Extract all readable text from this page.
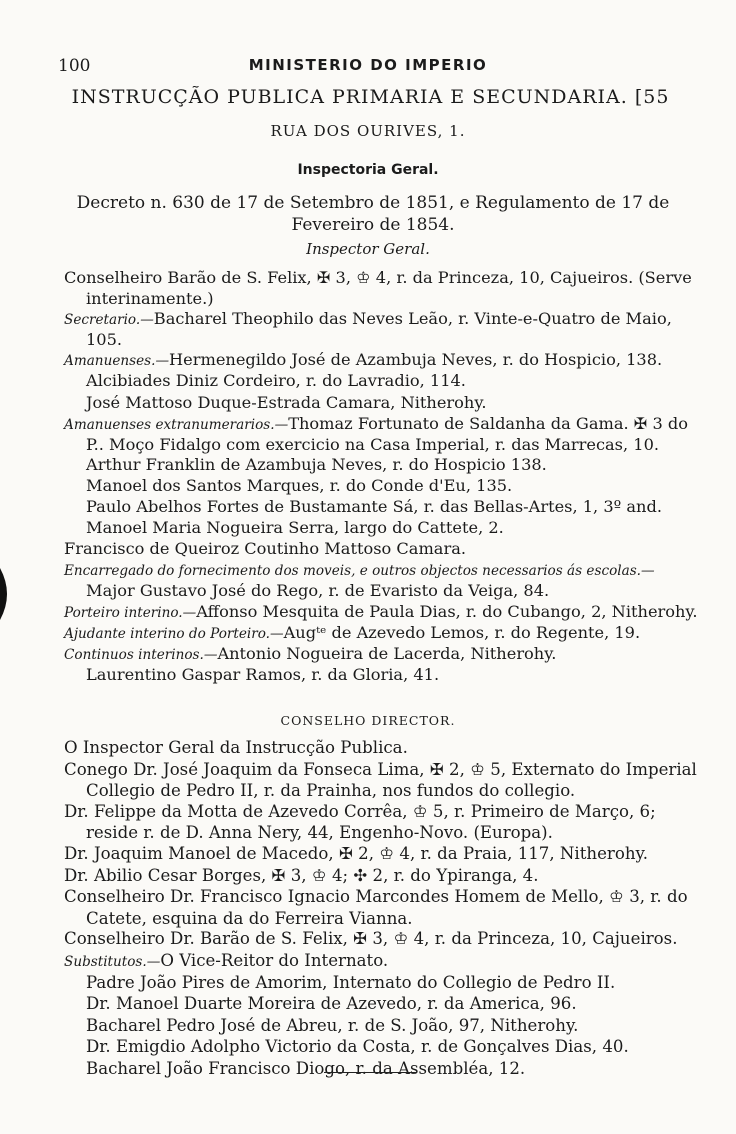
100	MINISTERIO DO IMPERIO
INSTRUCÇÃO PUBLICA PRIMARIA E SECUNDARIA. [55
RUA DOS OURIVES, 1.
Inspectoria Geral.
Decreto n. 630 de 17 de Setembro de 1851, e Regulamento de 17 de Fevereiro de 1854.
Inspector Geral.

Conselheiro Barão de S. Felix, ✠ 3, ♔ 4, r. da Princeza, 10, Cajueiros. (Serve interinamente.)

Secretario.—Bacharel Theophilo das Neves Leão, r. Vinte-e-Quatro de Maio, 105.

Amanuenses.—Hermenegildo José de Azambuja Neves, r. do Hospicio, 138.

Alcibiades Diniz Cordeiro, r. do Lavradio, 114.

José Mattoso Duque-Estrada Camara, Nitherohy.

Amanuenses extranumerarios.—Thomaz Fortunato de Saldanha da Gama. ✠ 3 do P.. Moço Fidalgo com exercicio na Casa Imperial, r. das Marrecas, 10.

Arthur Franklin de Azambuja Neves, r. do Hospicio 138.

Manoel dos Santos Marques, r. do Conde d'Eu, 135.

Paulo Abelhos Fortes de Bustamante Sá, r. das Bellas-Artes, 1, 3º and.

Manoel Maria Nogueira Serra, largo do Cattete, 2.

Francisco de Queiroz Coutinho Mattoso Camara.

Encarregado do fornecimento dos moveis, e outros objectos necessarios ás escolas.—Major Gustavo José do Rego, r. de Evaristo da Veiga, 84.

Porteiro interino.—Affonso Mesquita de Paula Dias, r. do Cubango, 2, Nitherohy.

Ajudante interino do Porteiro.—Augᵗᵉ de Azevedo Lemos, r. do Regente, 19.

Continuos interinos.—Antonio Nogueira de Lacerda, Nitherohy.

Laurentino Gaspar Ramos, r. da Gloria, 41.

CONSELHO DIRECTOR.

O Inspector Geral da Instrucção Publica.

Conego Dr. José Joaquim da Fonseca Lima, ✠ 2, ♔ 5, Externato do Imperial Collegio de Pedro II, r. da Prainha, nos fundos do collegio.

Dr. Felippe da Motta de Azevedo Corrêa, ♔ 5, r. Primeiro de Março, 6; reside r. de D. Anna Nery, 44, Engenho-Novo. (Europa).

Dr. Joaquim Manoel de Macedo, ✠ 2, ♔ 4, r. da Praia, 117, Nitherohy.

Dr. Abilio Cesar Borges, ✠ 3, ♔ 4; ✣ 2, r. do Ypiranga, 4.

Conselheiro Dr. Francisco Ignacio Marcondes Homem de Mello, ♔ 3, r. do Catete, esquina da do Ferreira Vianna.

Conselheiro Dr. Barão de S. Felix, ✠ 3, ♔ 4, r. da Princeza, 10, Cajueiros.

Substitutos.—O Vice-Reitor do Internato.

Padre João Pires de Amorim, Internato do Collegio de Pedro II.

Dr. Manoel Duarte Moreira de Azevedo, r. da America, 96.

Bacharel Pedro José de Abreu, r. de S. João, 97, Nitherohy.

Dr. Emigdio Adolpho Victorio da Costa, r. de Gonçalves Dias, 40.

Bacharel João Francisco Diogo, r. da Assembléa, 12.
